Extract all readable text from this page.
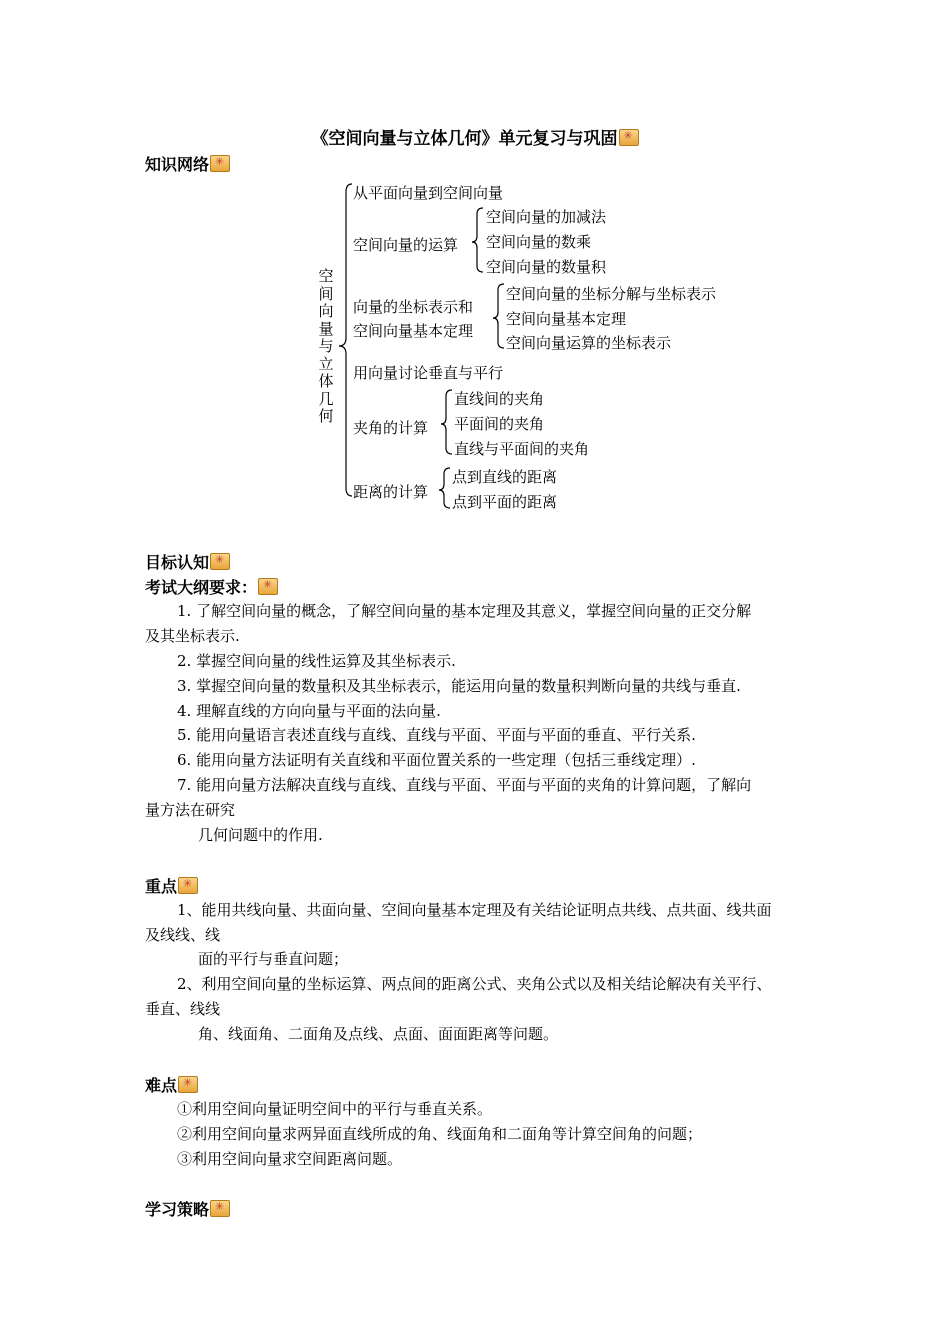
《空间向量与立体几何》单元复习与巩固✳
知识网络✳
空间向量与立体几何
从平面向量到空间向量
空间向量的运算
空间向量的加减法
空间向量的数乘
空间向量的数量积
向量的坐标表示和
空间向量基本定理
空间向量的坐标分解与坐标表示
空间向量基本定理
空间向量运算的坐标表示
用向量讨论垂直与平行
夹角的计算
直线间的夹角
平面间的夹角
直线与平面间的夹角
距离的计算
点到直线的距离
点到平面的距离
目标认知✳
考试大纲要求：✳
1. 了解空间向量的概念，了解空间向量的基本定理及其意义，掌握空间向量的正交分解
及其坐标表示.
2. 掌握空间向量的线性运算及其坐标表示.
3. 掌握空间向量的数量积及其坐标表示，能运用向量的数量积判断向量的共线与垂直.
4. 理解直线的方向向量与平面的法向量.
5. 能用向量语言表述直线与直线、直线与平面、平面与平面的垂直、平行关系.
6. 能用向量方法证明有关直线和平面位置关系的一些定理（包括三垂线定理）.
7. 能用向量方法解决直线与直线、直线与平面、平面与平面的夹角的计算问题，了解向
量方法在研究
几何问题中的作用.
重点✳
1、能用共线向量、共面向量、空间向量基本定理及有关结论证明点共线、点共面、线共面
及线线、线
面的平行与垂直问题；
2、利用空间向量的坐标运算、两点间的距离公式、夹角公式以及相关结论解决有关平行、
垂直、线线
角、线面角、二面角及点线、点面、面面距离等问题。
难点✳
①利用空间向量证明空间中的平行与垂直关系。
②利用空间向量求两异面直线所成的角、线面角和二面角等计算空间角的问题；
③利用空间向量求空间距离问题。
学习策略✳
